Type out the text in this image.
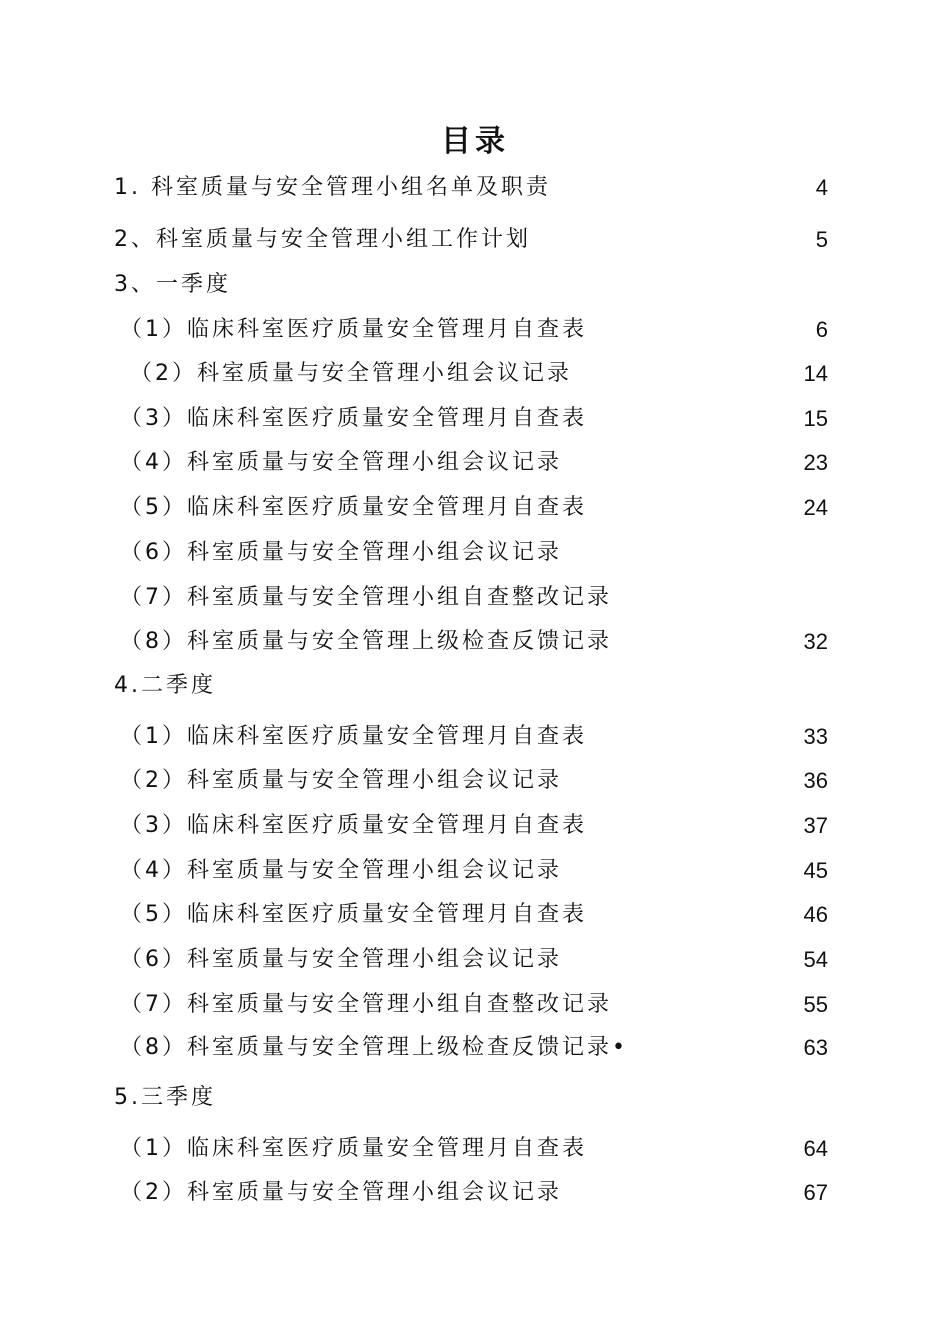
目录
1. 科室质量与安全管理小组名单及职责	4
2、科室质量与安全管理小组工作计划	5
3、一季度
（1）临床科室医疗质量安全管理月自查表	6
（2）科室质量与安全管理小组会议记录	14
（3）临床科室医疗质量安全管理月自查表	15
（4）科室质量与安全管理小组会议记录	23
（5）临床科室医疗质量安全管理月自查表	24
（6）科室质量与安全管理小组会议记录
（7）科室质量与安全管理小组自查整改记录
（8）科室质量与安全管理上级检查反馈记录	32
4.二季度
（1）临床科室医疗质量安全管理月自查表	33
（2）科室质量与安全管理小组会议记录	36
（3）临床科室医疗质量安全管理月自查表	37
（4）科室质量与安全管理小组会议记录	45
（5）临床科室医疗质量安全管理月自查表	46
（6）科室质量与安全管理小组会议记录	54
（7）科室质量与安全管理小组自查整改记录	55
（8）科室质量与安全管理上级检查反馈记录•	63
5.三季度
（1）临床科室医疗质量安全管理月自查表	64
（2）科室质量与安全管理小组会议记录	67
